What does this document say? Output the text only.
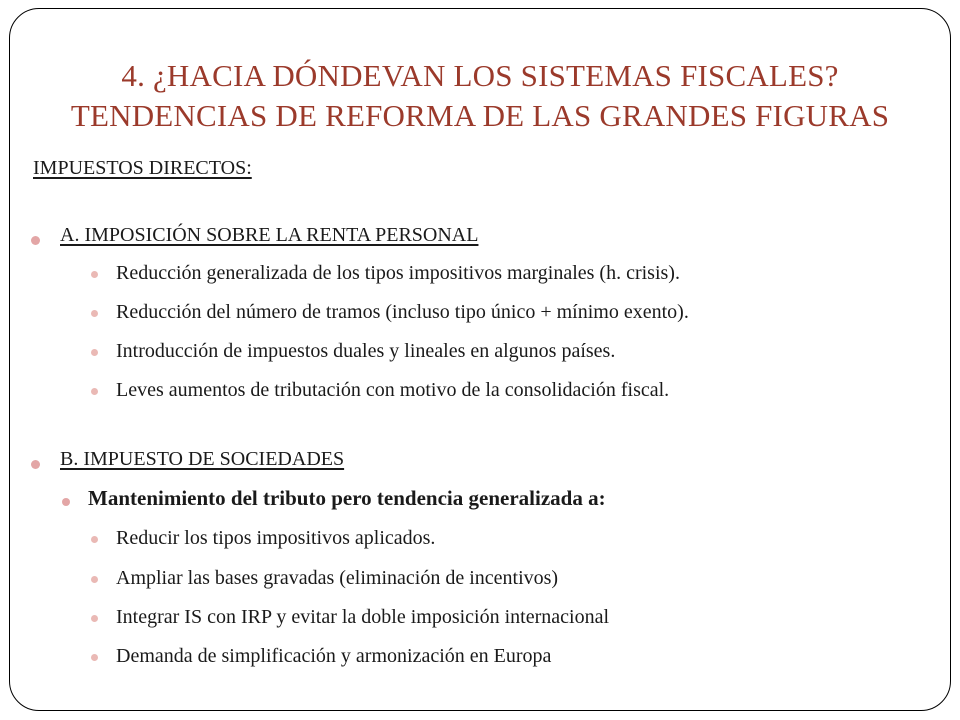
4. ¿HACIA DÓNDEVAN LOS SISTEMAS FISCALES?
TENDENCIAS DE REFORMA DE LAS GRANDES FIGURAS
IMPUESTOS DIRECTOS:
A. IMPOSICIÓN SOBRE LA RENTA PERSONAL
Reducción generalizada de los tipos impositivos marginales (h. crisis).
Reducción del número de tramos (incluso tipo único + mínimo exento).
Introducción de impuestos duales y lineales en algunos países.
Leves aumentos de tributación con motivo de la consolidación fiscal.
B. IMPUESTO DE SOCIEDADES
Mantenimiento del tributo pero tendencia generalizada a:
Reducir los tipos impositivos aplicados.
Ampliar las bases gravadas (eliminación de incentivos)
Integrar IS con IRP y evitar la doble imposición internacional
Demanda de simplificación y armonización en Europa
